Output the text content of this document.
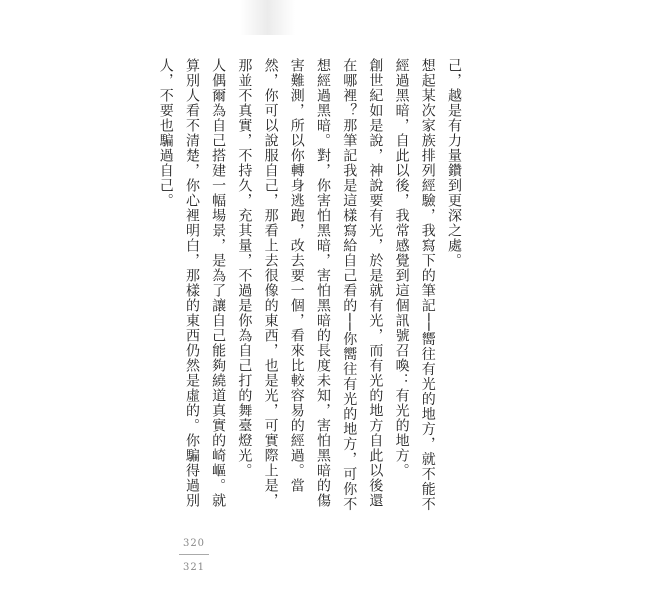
己，越是有力量鑽到更深之處。

想起某次家族排列經驗，我寫下的筆記──嚮往有光的地方，就不能不經過黑暗，自此以後，我常感覺到這個訊號召喚：有光的地方。

創世紀如是說，神說要有光，於是就有光，而有光的地方自此以後還在哪裡？那筆記我是這樣寫給自己看的──你嚮往有光的地方，可你不想經過黑暗。對，你害怕黑暗，害怕黑暗的長度未知，害怕黑暗的傷害難測，所以你轉身逃跑，改去要一個，看來比較容易的經過。當然，你可以說服自己，那看上去很像的東西，也是光，可實際上是，那並不真實，不持久，充其量，不過是你為自己打的舞臺燈光。

人偶爾為自己搭建一幅場景，是為了讓自己能夠繞道真實的崎嶇。就算別人看不清楚，你心裡明白，那樣的東西仍然是虛的。你騙得過別人，不要也騙過自己。

320
321
